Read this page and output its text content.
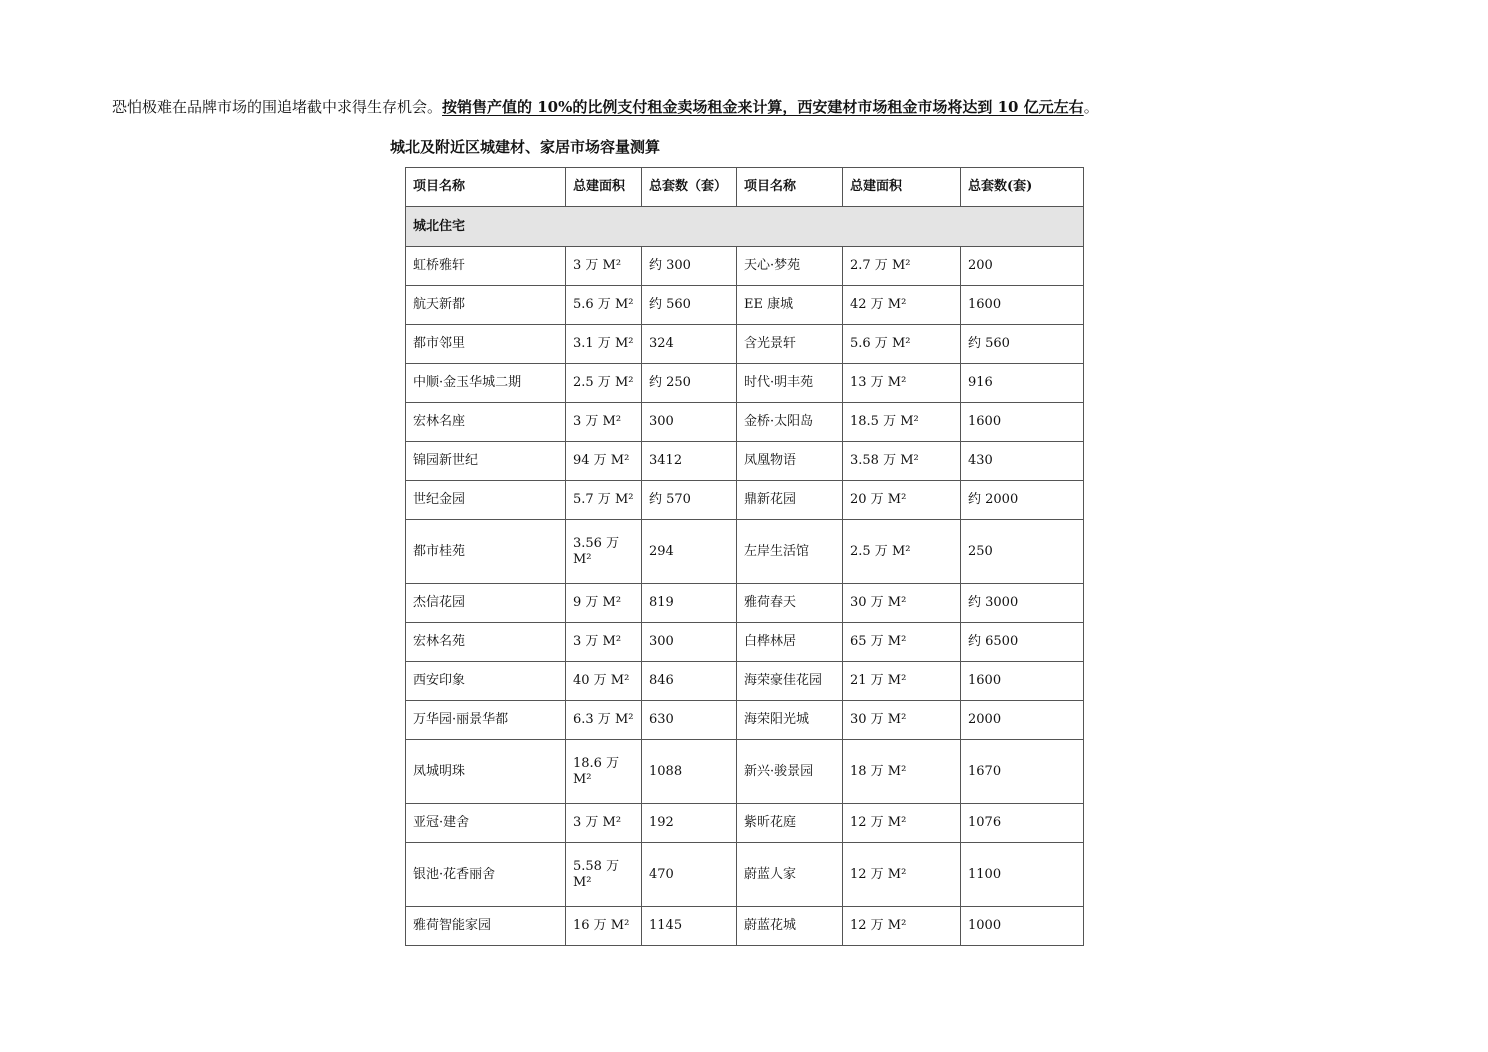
恐怕极难在品牌市场的围追堵截中求得生存机会。按销售产值的 10%的比例支付租金卖场租金来计算，西安建材市场租金市场将达到 10 亿元左右。
城北及附近区城建材、家居市场容量测算
项目名称	总建面积	总套数（套）	项目名称	总建面积	总套数(套)
城北住宅					
虹桥雅轩	3 万 M²	约 300	天心·梦苑	2.7 万 M²	200
航天新都	5.6 万 M²	约 560	EE 康城	42 万 M²	1600
都市邻里	3.1 万 M²	324	含光景轩	5.6 万 M²	约 560
中顺·金玉华城二期	2.5 万 M²	约 250	时代·明丰苑	13 万 M²	916
宏林名座	3 万 M²	300	金桥·太阳岛	18.5 万 M²	1600
锦园新世纪	94 万 M²	3412	凤凰物语	3.58 万 M²	430
世纪金园	5.7 万 M²	约 570	鼎新花园	20 万 M²	约 2000
都市桂苑	3.56 万 M²	294	左岸生活馆	2.5 万 M²	250
杰信花园	9 万 M²	819	雅荷春天	30 万 M²	约 3000
宏林名苑	3 万 M²	300	白桦林居	65 万 M²	约 6500
西安印象	40 万 M²	846	海荣豪佳花园	21 万 M²	1600
万华园·丽景华都	6.3 万 M²	630	海荣阳光城	30 万 M²	2000
凤城明珠	18.6 万 M²	1088	新兴·骏景园	18 万 M²	1670
亚冠·建舍	3 万 M²	192	紫昕花庭	12 万 M²	1076
银池·花香丽舍	5.58 万 M²	470	蔚蓝人家	12 万 M²	1100
雅荷智能家园	16 万 M²	1145	蔚蓝花城	12 万 M²	1000
